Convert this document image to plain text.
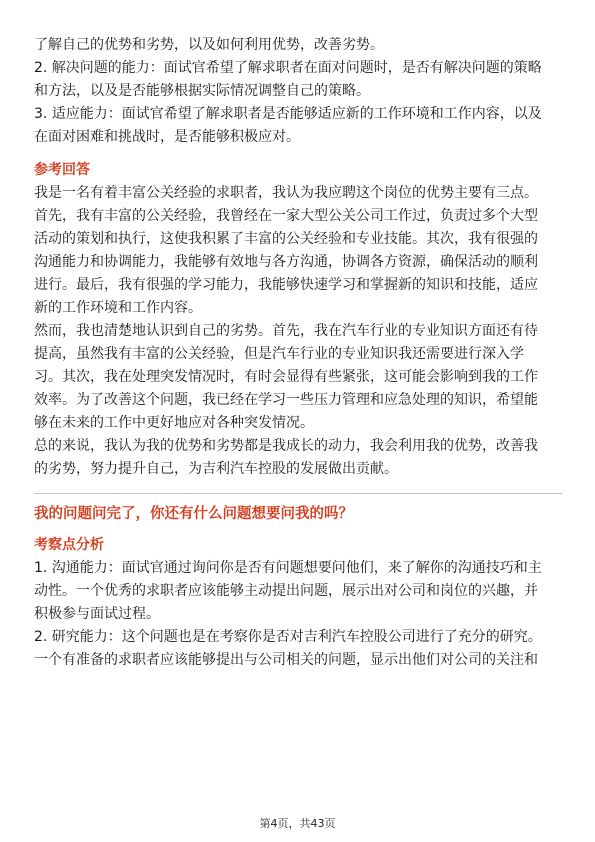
了解自己的优势和劣势，以及如何利用优势，改善劣势。
2. 解决问题的能力：面试官希望了解求职者在面对问题时，是否有解决问题的策略
和方法，以及是否能够根据实际情况调整自己的策略。
3. 适应能力：面试官希望了解求职者是否能够适应新的工作环境和工作内容，以及
在面对困难和挑战时，是否能够积极应对。
参考回答
我是一名有着丰富公关经验的求职者，我认为我应聘这个岗位的优势主要有三点。
首先，我有丰富的公关经验，我曾经在一家大型公关公司工作过，负责过多个大型
活动的策划和执行，这使我积累了丰富的公关经验和专业技能。其次，我有很强的
沟通能力和协调能力，我能够有效地与各方沟通，协调各方资源，确保活动的顺利
进行。最后，我有很强的学习能力，我能够快速学习和掌握新的知识和技能，适应
新的工作环境和工作内容。
然而，我也清楚地认识到自己的劣势。首先，我在汽车行业的专业知识方面还有待
提高，虽然我有丰富的公关经验，但是汽车行业的专业知识我还需要进行深入学
习。其次，我在处理突发情况时，有时会显得有些紧张，这可能会影响到我的工作
效率。为了改善这个问题，我已经在学习一些压力管理和应急处理的知识，希望能
够在未来的工作中更好地应对各种突发情况。
总的来说，我认为我的优势和劣势都是我成长的动力，我会利用我的优势，改善我
的劣势，努力提升自己，为吉利汽车控股的发展做出贡献。
我的问题问完了，你还有什么问题想要问我的吗？
考察点分析
1. 沟通能力：面试官通过询问你是否有问题想要问他们，来了解你的沟通技巧和主
动性。一个优秀的求职者应该能够主动提出问题，展示出对公司和岗位的兴趣，并
积极参与面试过程。
2. 研究能力：这个问题也是在考察你是否对吉利汽车控股公司进行了充分的研究。
一个有准备的求职者应该能够提出与公司相关的问题，显示出他们对公司的关注和
第4页，共43页
